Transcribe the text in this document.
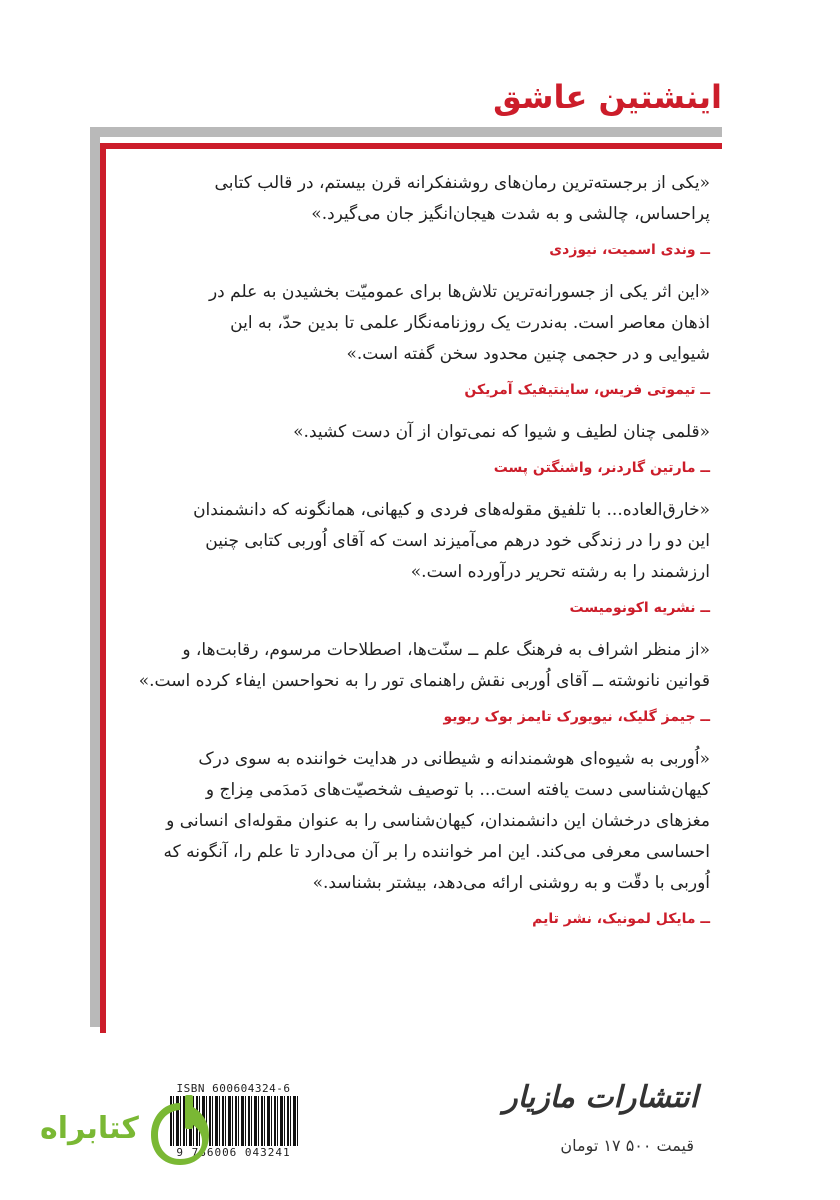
اینشتین عاشق
«یکی از برجسته‌ترین رمان‌های روشنفکرانه قرن بیستم، در قالب کتابی
پراحساس، چالشی و به شدت هیجان‌انگیز جان می‌گیرد.»
ــ وندی اسمیت، نیوزدی
«این اثر یکی از جسورانه‌ترین تلاش‌ها برای عمومیّت بخشیدن به علم در
اذهان معاصر است. به‌ندرت یک روزنامه‌نگار علمی تا بدین حدّ، به این
شیوایی و در حجمی چنین محدود سخن گفته است.»
ــ تیموتی فریس، ساینتیفیک آمریکن
«قلمی چنان لطیف و شیوا که نمی‌توان از آن دست کشید.»
ــ مارتین گاردنر، واشنگتن پست
«خارق‌العاده... با تلفیق مقوله‌های فردی و کیهانی، همانگونه که دانشمندان
این دو را در زندگی خود درهم می‌آمیزند است که آقای اُوربی کتابی چنین
ارزشمند را به رشته تحریر درآورده است.»
ــ نشریه اکونومیست
«از منظر اشراف به فرهنگ علم ــ سنّت‌ها، اصطلاحات مرسوم، رقابت‌ها، و
قوانین نانوشته ــ آقای اُوربی نقش راهنمای تور را به نحواحسن ایفاء کرده است.»
ــ جیمز گلیک، نیویورک تایمز بوک ریویو
«اُوربی به شیوه‌ای هوشمندانه و شیطانی در هدایت خواننده به سوی درک
کیهان‌شناسی دست یافته است... با توصیف شخصیّت‌های دَمدَمی مِزاج و
مغزهای درخشان این دانشمندان، کیهان‌شناسی را به عنوان مقوله‌ای انسانی و
احساسی معرفی می‌کند. این امر خواننده را بر آن می‌دارد تا علم را، آنگونه که
اُوربی با دقّت و به روشنی ارائه می‌دهد، بیشتر بشناسد.»
ــ مایکل لمونیک، نشر تایم
ISBN 600604324-6
9 786006 043241
کتابراه
انتشارات مازیار
قیمت ۵۰۰ ۱۷ تومان
